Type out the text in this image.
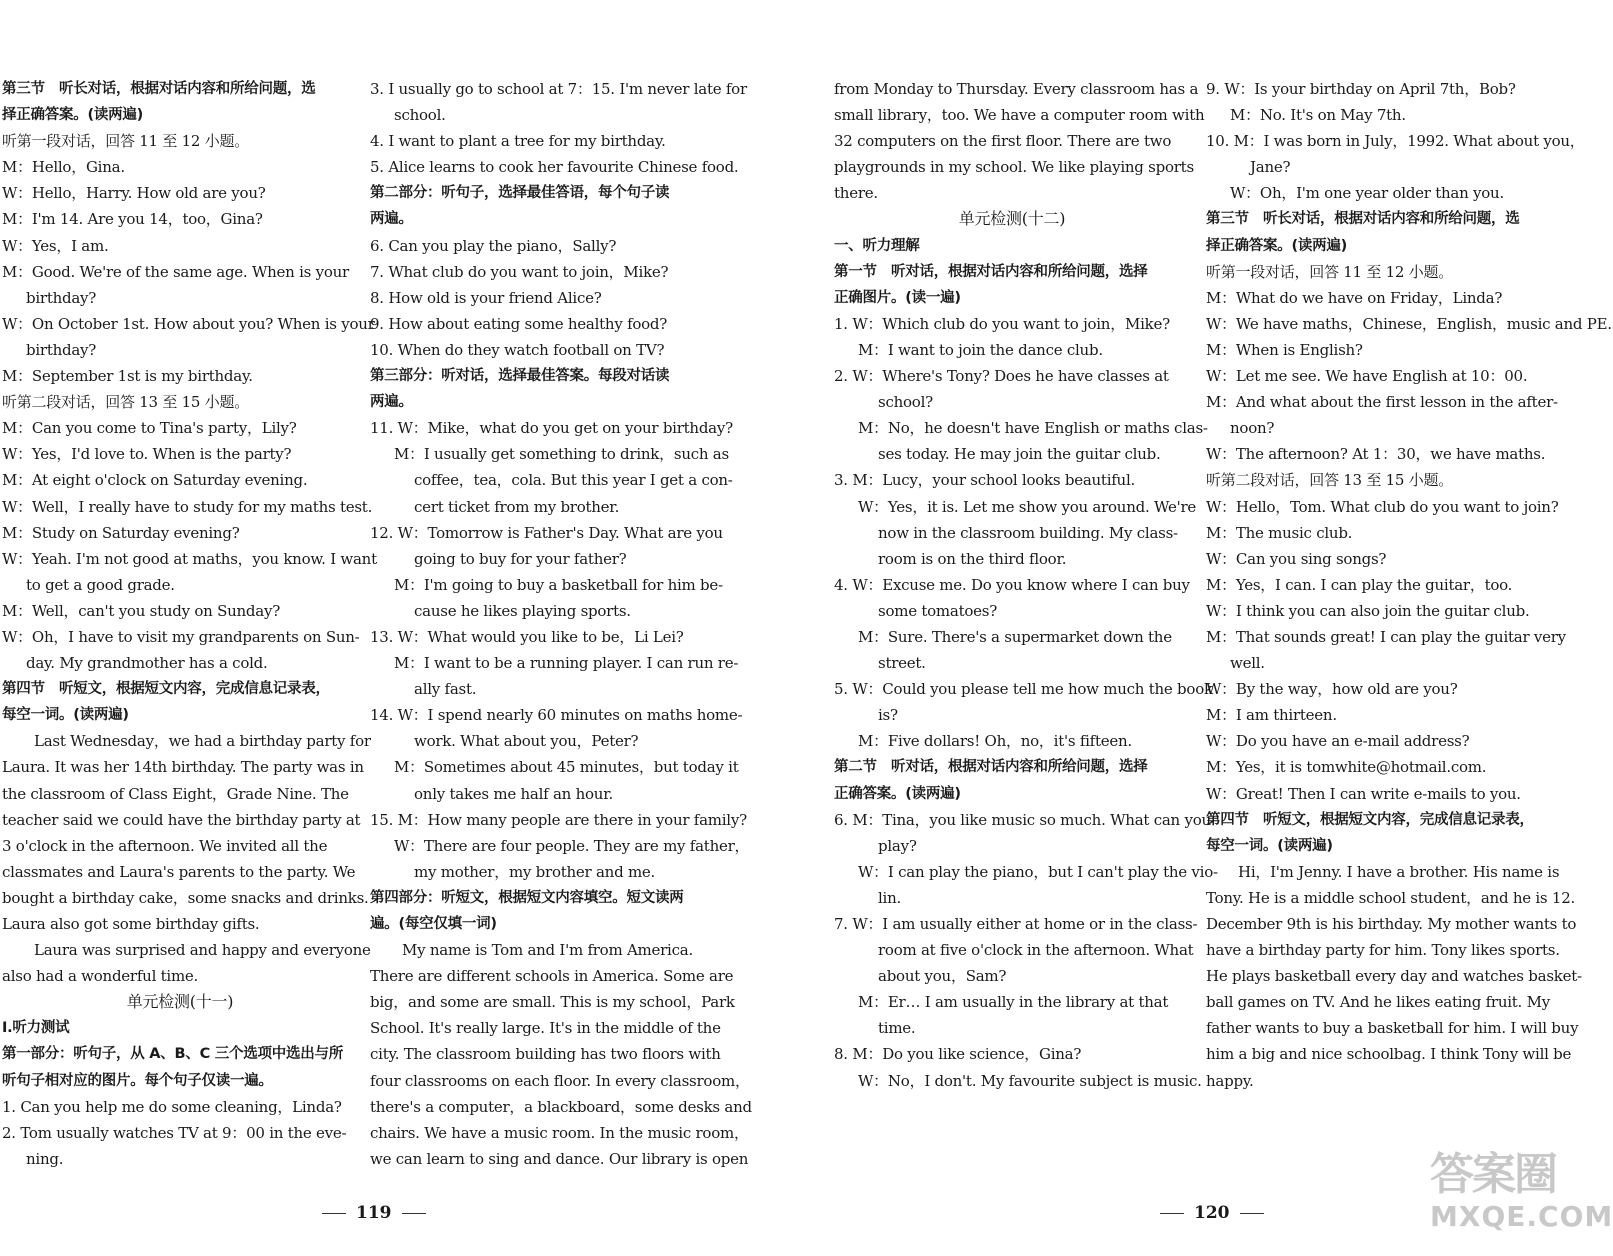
第三节　听长对话，根据对话内容和所给问题，选
择正确答案。(读两遍)
听第一段对话，回答 11 至 12 小题。
M：Hello，Gina.
W：Hello，Harry. How old are you?
M：I'm 14. Are you 14，too，Gina?
W：Yes，I am.
M：Good. We're of the same age. When is your
birthday?
W：On October 1st. How about you? When is your
birthday?
M：September 1st is my birthday.
听第二段对话，回答 13 至 15 小题。
M：Can you come to Tina's party，Lily?
W：Yes，I'd love to. When is the party?
M：At eight o'clock on Saturday evening.
W：Well，I really have to study for my maths test.
M：Study on Saturday evening?
W：Yeah. I'm not good at maths，you know. I want
to get a good grade.
M：Well，can't you study on Sunday?
W：Oh，I have to visit my grandparents on Sun-
day. My grandmother has a cold.
第四节　听短文，根据短文内容，完成信息记录表，
每空一词。(读两遍)
Last Wednesday，we had a birthday party for
Laura. It was her 14th birthday. The party was in
the classroom of Class Eight，Grade Nine. The
teacher said we could have the birthday party at
3 o'clock in the afternoon. We invited all the
classmates and Laura's parents to the party. We
bought a birthday cake，some snacks and drinks.
Laura also got some birthday gifts.
Laura was surprised and happy and everyone
also had a wonderful time.
单元检测(十一)
Ⅰ.听力测试
第一部分：听句子，从 A、B、C 三个选项中选出与所
听句子相对应的图片。每个句子仅读一遍。
1. Can you help me do some cleaning，Linda?
2. Tom usually watches TV at 9：00 in the eve-
ning.
3. I usually go to school at 7：15. I'm never late for
school.
4. I want to plant a tree for my birthday.
5. Alice learns to cook her favourite Chinese food.
第二部分：听句子，选择最佳答语，每个句子读
两遍。
6. Can you play the piano，Sally?
7. What club do you want to join，Mike?
8. How old is your friend Alice?
9. How about eating some healthy food?
10. When do they watch football on TV?
第三部分：听对话，选择最佳答案。每段对话读
两遍。
11. W：Mike，what do you get on your birthday?
M：I usually get something to drink，such as
coffee，tea，cola. But this year I get a con-
cert ticket from my brother.
12. W：Tomorrow is Father's Day. What are you
going to buy for your father?
M：I'm going to buy a basketball for him be-
cause he likes playing sports.
13. W：What would you like to be，Li Lei?
M：I want to be a running player. I can run re-
ally fast.
14. W：I spend nearly 60 minutes on maths home-
work. What about you，Peter?
M：Sometimes about 45 minutes，but today it
only takes me half an hour.
15. M：How many people are there in your family?
W：There are four people. They are my father，
my mother，my brother and me.
第四部分：听短文，根据短文内容填空。短文读两
遍。(每空仅填一词)
My name is Tom and I'm from America.
There are different schools in America. Some are
big，and some are small. This is my school，Park
School. It's really large. It's in the middle of the
city. The classroom building has two floors with
four classrooms on each floor. In every classroom，
there's a computer，a blackboard，some desks and
chairs. We have a music room. In the music room，
we can learn to sing and dance. Our library is open
119
from Monday to Thursday. Every classroom has a
small library，too. We have a computer room with
32 computers on the first floor. There are two
playgrounds in my school. We like playing sports
there.
单元检测(十二)
一、听力理解
第一节　听对话，根据对话内容和所给问题，选择
正确图片。(读一遍)
1. W：Which club do you want to join，Mike?
M：I want to join the dance club.
2. W：Where's Tony? Does he have classes at
school?
M：No，he doesn't have English or maths clas-
ses today. He may join the guitar club.
3. M：Lucy，your school looks beautiful.
W：Yes，it is. Let me show you around. We're
now in the classroom building. My class-
room is on the third floor.
4. W：Excuse me. Do you know where I can buy
some tomatoes?
M：Sure. There's a supermarket down the
street.
5. W：Could you please tell me how much the book
is?
M：Five dollars! Oh，no，it's fifteen.
第二节　听对话，根据对话内容和所给问题，选择
正确答案。(读两遍)
6. M：Tina，you like music so much. What can you
play?
W：I can play the piano，but I can't play the vio-
lin.
7. W：I am usually either at home or in the class-
room at five o'clock in the afternoon. What
about you，Sam?
M：Er… I am usually in the library at that
time.
8. M：Do you like science，Gina?
W：No，I don't. My favourite subject is music.
9. W：Is your birthday on April 7th，Bob?
M：No. It's on May 7th.
10. M：I was born in July，1992. What about you，
Jane?
W：Oh，I'm one year older than you.
第三节　听长对话，根据对话内容和所给问题，选
择正确答案。(读两遍)
听第一段对话，回答 11 至 12 小题。
M：What do we have on Friday，Linda?
W：We have maths，Chinese，English，music and PE.
M：When is English?
W：Let me see. We have English at 10：00.
M：And what about the first lesson in the after-
noon?
W：The afternoon? At 1：30，we have maths.
听第二段对话，回答 13 至 15 小题。
W：Hello，Tom. What club do you want to join?
M：The music club.
W：Can you sing songs?
M：Yes，I can. I can play the guitar，too.
W：I think you can also join the guitar club.
M：That sounds great! I can play the guitar very
well.
W：By the way，how old are you?
M：I am thirteen.
W：Do you have an e-mail address?
M：Yes，it is tomwhite@hotmail.com.
W：Great! Then I can write e-mails to you.
第四节　听短文，根据短文内容，完成信息记录表，
每空一词。(读两遍)
Hi，I'm Jenny. I have a brother. His name is
Tony. He is a middle school student，and he is 12.
December 9th is his birthday. My mother wants to
have a birthday party for him. Tony likes sports.
He plays basketball every day and watches basket-
ball games on TV. And he likes eating fruit. My
father wants to buy a basketball for him. I will buy
him a big and nice schoolbag. I think Tony will be
happy.
120
答案圈
MXQE.COM
